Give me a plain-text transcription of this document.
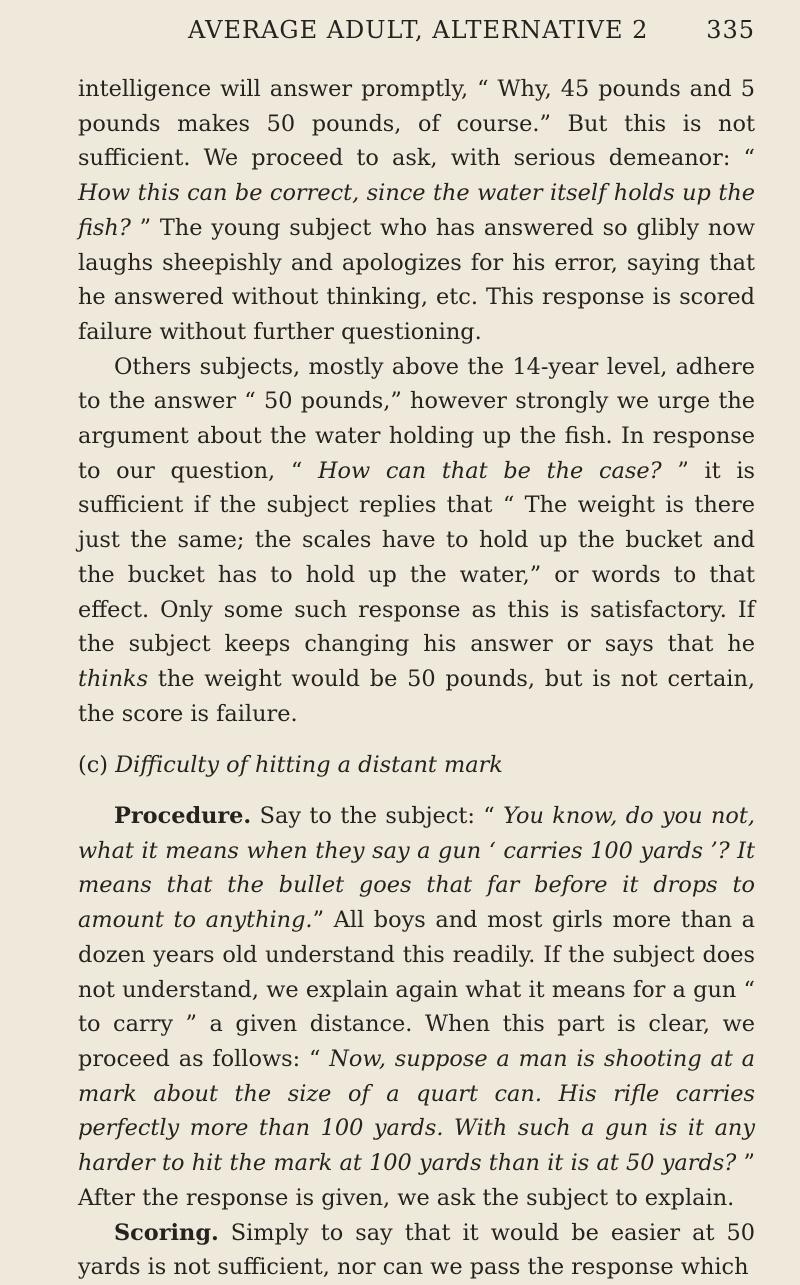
AVERAGE ADULT, ALTERNATIVE 2 335

intelligence will answer promptly, “ Why, 45 pounds and 5 pounds makes 50 pounds, of course.” But this is not sufficient. We proceed to ask, with serious demeanor: “ How this can be correct, since the water itself holds up the fish? ” The young subject who has answered so glibly now laughs sheepishly and apologizes for his error, saying that he answered without thinking, etc. This response is scored failure without further questioning.

Others subjects, mostly above the 14-year level, adhere to the answer “ 50 pounds,” however strongly we urge the argument about the water holding up the fish. In response to our question, “ How can that be the case? ” it is sufficient if the subject replies that “ The weight is there just the same; the scales have to hold up the bucket and the bucket has to hold up the water,” or words to that effect. Only some such response as this is satisfactory. If the subject keeps changing his answer or says that he thinks the weight would be 50 pounds, but is not certain, the score is failure.

(c) Difficulty of hitting a distant mark

Procedure. Say to the subject: “ You know, do you not, what it means when they say a gun ‘ carries 100 yards ’? It means that the bullet goes that far before it drops to amount to anything.” All boys and most girls more than a dozen years old understand this readily. If the subject does not understand, we explain again what it means for a gun “ to carry ” a given distance. When this part is clear, we proceed as follows: “ Now, suppose a man is shooting at a mark about the size of a quart can. His rifle carries perfectly more than 100 yards. With such a gun is it any harder to hit the mark at 100 yards than it is at 50 yards? ” After the response is given, we ask the subject to explain.

Scoring. Simply to say that it would be easier at 50 yards is not sufficient, nor can we pass the response which
